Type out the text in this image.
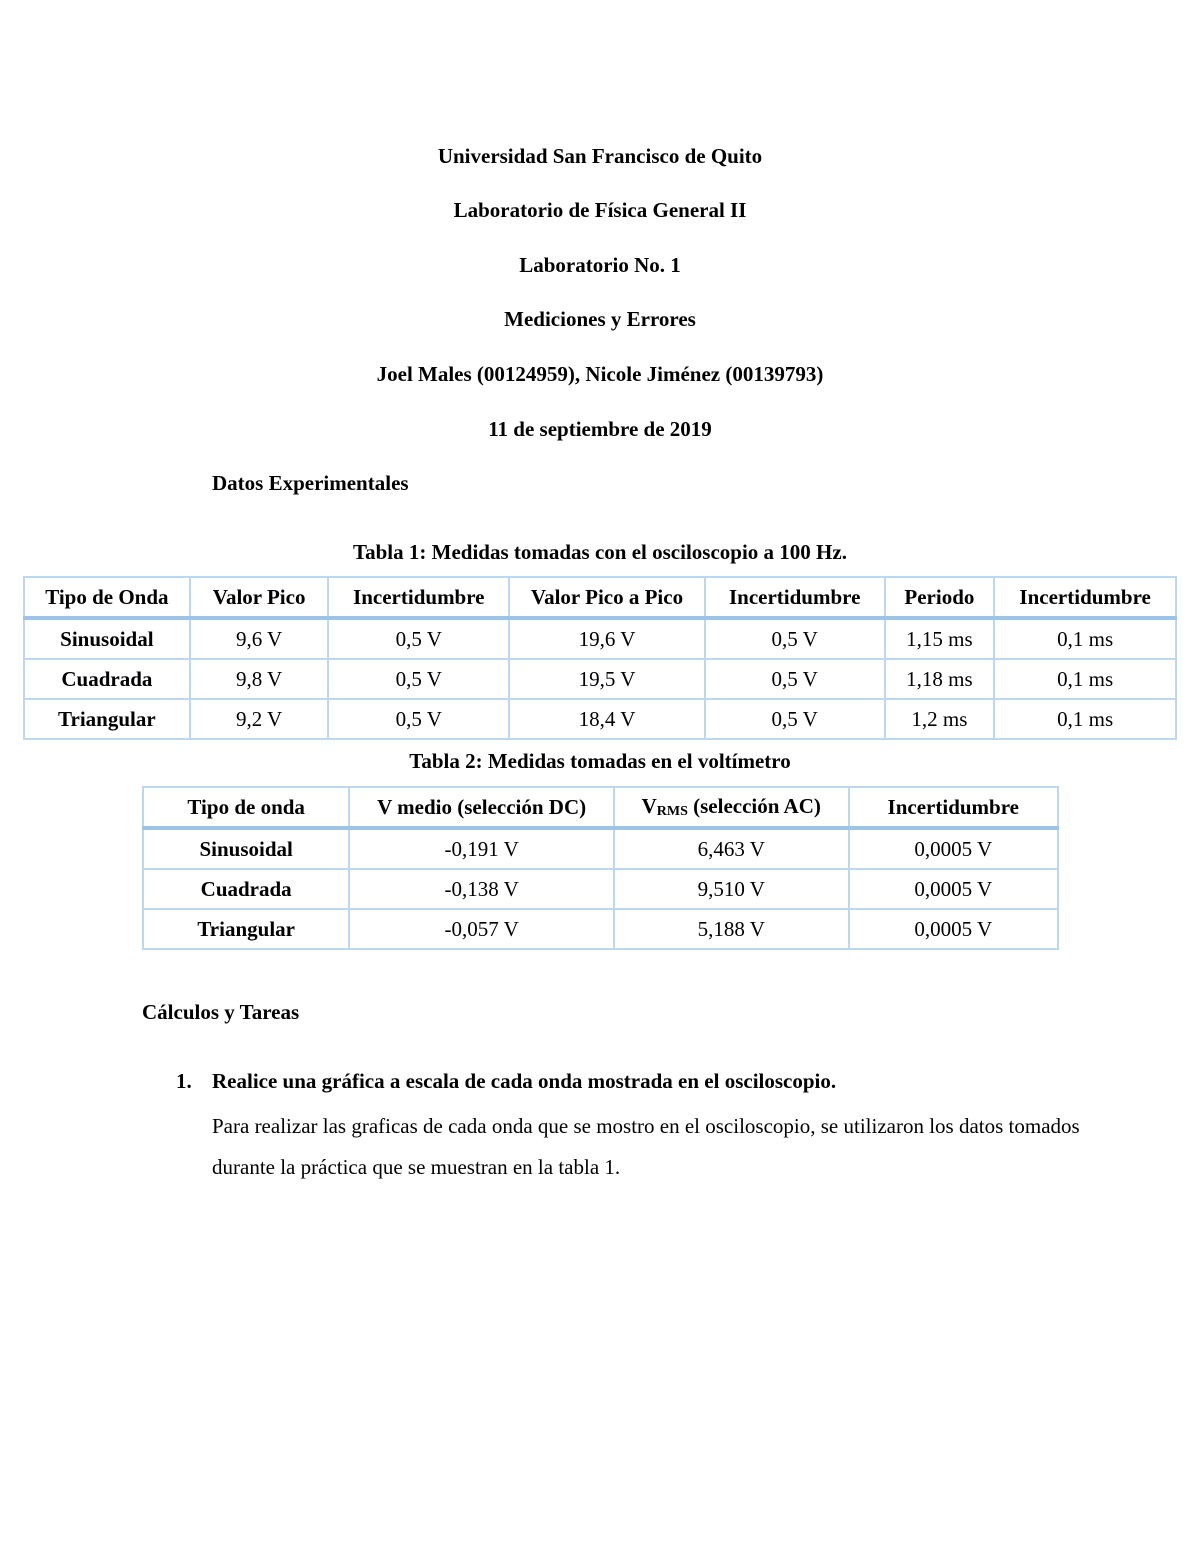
Universidad San Francisco de Quito
Laboratorio de Física General II
Laboratorio No. 1
Mediciones y Errores
Joel Males (00124959), Nicole Jiménez (00139793)
11 de septiembre de 2019
Datos Experimentales
Tabla 1: Medidas tomadas con el osciloscopio a 100 Hz.
Tipo de Onda	Valor Pico	Incertidumbre	Valor Pico a Pico	Incertidumbre	Periodo	Incertidumbre
Sinusoidal	9,6 V	0,5 V	19,6 V	0,5 V	1,15 ms	0,1 ms
Cuadrada	9,8 V	0,5 V	19,5 V	0,5 V	1,18 ms	0,1 ms
Triangular	9,2 V	0,5 V	18,4 V	0,5 V	1,2 ms	0,1 ms
Tabla 2: Medidas tomadas en el voltímetro
Tipo de onda	V medio (selección DC)	$V_{RMS}$ (selección AC)	Incertidumbre
Sinusoidal	-0,191 V	6,463 V	0,0005 V
Cuadrada	-0,138 V	9,510 V	0,0005 V
Triangular	-0,057 V	5,188 V	0,0005 V
Cálculos y Tareas
1. Realice una gráfica a escala de cada onda mostrada en el osciloscopio.
Para realizar las graficas de cada onda que se mostro en el osciloscopio, se utilizaron los datos tomados durante la práctica que se muestran en la tabla 1.
